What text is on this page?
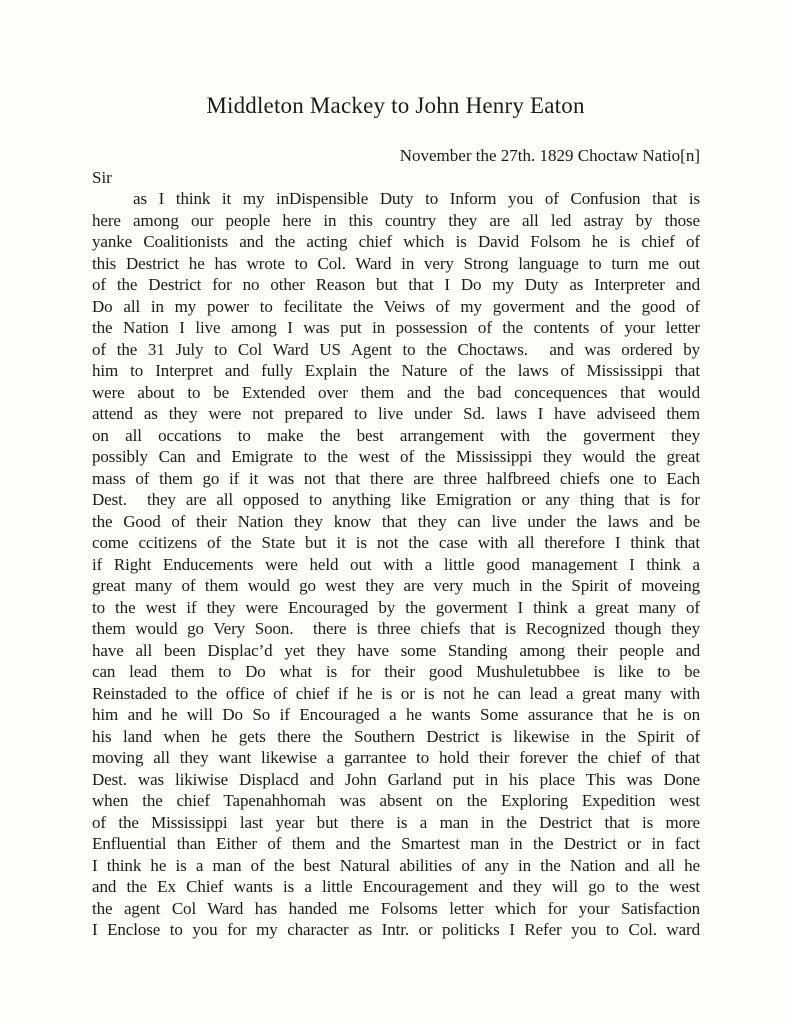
Middleton Mackey to John Henry Eaton
November the 27th. 1829 Choctaw Natio[n]
Sir
as I think it my inDispensible Duty to Inform you of Confusion that is
here among our people here in this country they are all led astray by those
yanke Coalitionists and the acting chief which is David Folsom he is chief of
this Destrict he has wrote to Col. Ward in very Strong language to turn me out
of the Destrict for no other Reason but that I Do my Duty as Interpreter and
Do all in my power to fecilitate the Veiws of my goverment and the good of
the Nation I live among I was put in possession of the contents of your letter
of the 31 July to Col Ward US Agent to the Choctaws.  and was ordered by
him to Interpret and fully Explain the Nature of the laws of Mississippi that
were about to be Extended over them and the bad concequences that would
attend as they were not prepared to live under Sd. laws I have adviseed them
on all occations to make the best arrangement with the goverment they
possibly Can and Emigrate to the west of the Mississippi they would the great
mass of them go if it was not that there are three halfbreed chiefs one to Each
Dest.  they are all opposed to anything like Emigration or any thing that is for
the Good of their Nation they know that they can live under the laws and be
come ccitizens of the State but it is not the case with all therefore I think that
if Right Enducements were held out with a little good management I think a
great many of them would go west they are very much in the Spirit of moveing
to the west if they were Encouraged by the goverment I think a great many of
them would go Very Soon.  there is three chiefs that is Recognized though they
have all been Displac’d yet they have some Standing among their people and
can lead them to Do what is for their good Mushuletubbee is like to be
Reinstaded to the office of chief if he is or is not he can lead a great many with
him and he will Do So if Encouraged a he wants Some assurance that he is on
his land when he gets there the Southern Destrict is likewise in the Spirit of
moving all they want likewise a garrantee to hold their forever the chief of that
Dest. was likiwise Displacd and John Garland put in his place This was Done
when the chief Tapenahhomah was absent on the Exploring Expedition west
of the Mississippi last year but there is a man in the Destrict that is more
Enfluential than Either of them and the Smartest man in the Destrict or in fact
I think he is a man of the best Natural abilities of any in the Nation and all he
and the Ex Chief wants is a little Encouragement and they will go to the west
the agent Col Ward has handed me Folsoms letter which for your Satisfaction
I Enclose to you for my character as Intr. or politicks I Refer you to Col. ward
